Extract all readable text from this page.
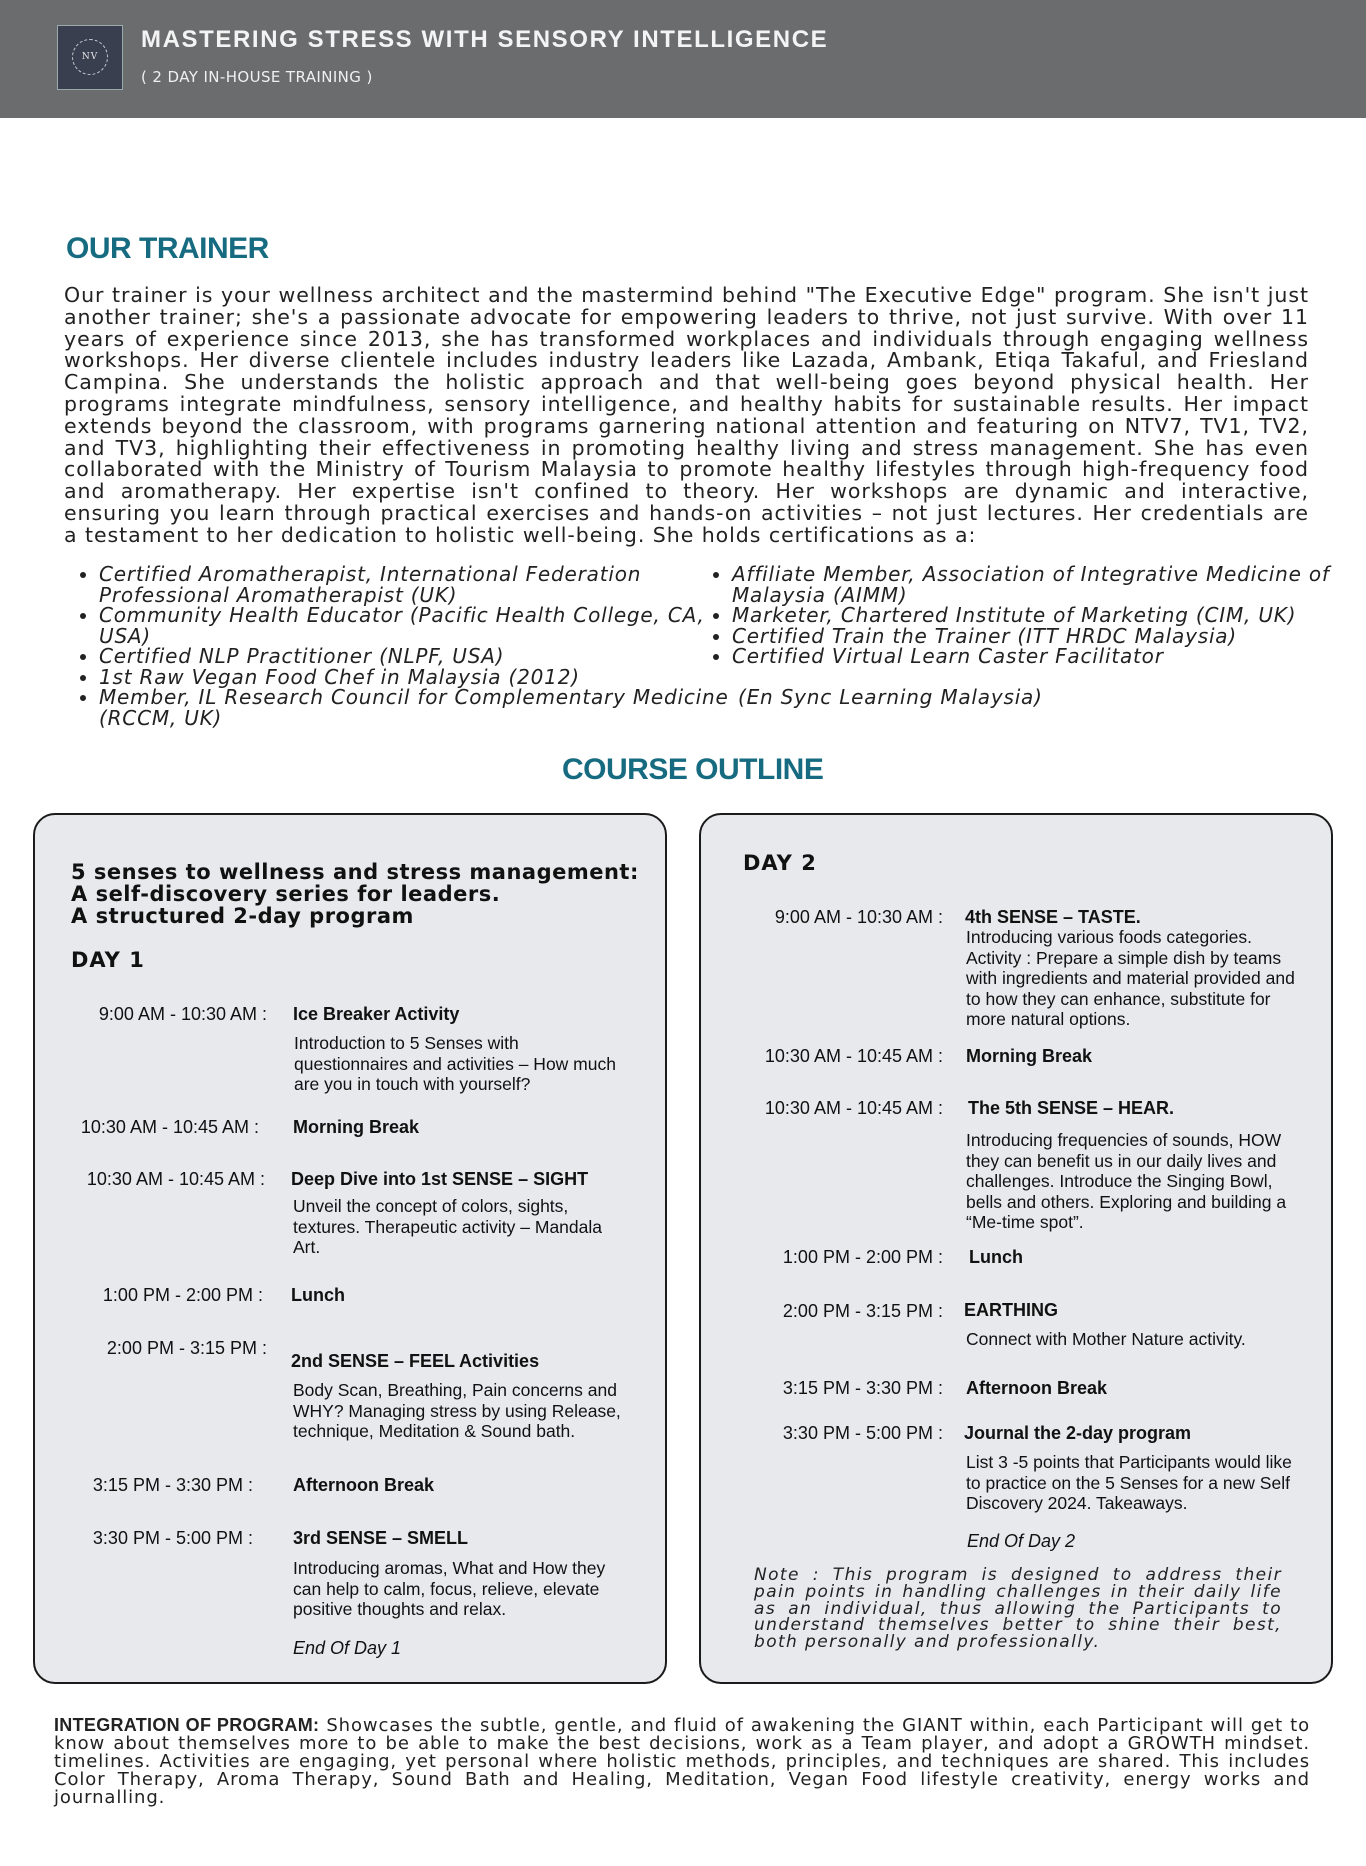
NV
MASTERING STRESS WITH SENSORY INTELLIGENCE
( 2 DAY IN-HOUSE TRAINING )
OUR TRAINER

Our trainer is your wellness architect and the mastermind behind "The Executive Edge" program. She isn't just another trainer; she's a passionate advocate for empowering leaders to thrive, not just survive. With over 11 years of experience since 2013, she has transformed workplaces and individuals through engaging wellness workshops. Her diverse clientele includes industry leaders like Lazada, Ambank, Etiqa Takaful, and Friesland Campina. She understands the holistic approach and that well-being goes beyond physical health. Her programs integrate mindfulness, sensory intelligence, and healthy habits for sustainable results. Her impact extends beyond the classroom, with programs garnering national attention and featuring on NTV7, TV1, TV2, and TV3, highlighting their effectiveness in promoting healthy living and stress management. She has even collaborated with the Ministry of Tourism Malaysia to promote healthy lifestyles through high-frequency food and aromatherapy. Her expertise isn't confined to theory. Her workshops are dynamic and interactive, ensuring you learn through practical exercises and hands-on activities – not just lectures. Her credentials are a testament to her dedication to holistic well-being. She holds certifications as a:

• Certified Aromatherapist, International Federation Professional Aromatherapist (UK)
• Community Health Educator (Pacific Health College, CA, USA)
• Certified NLP Practitioner (NLPF, USA)
• 1st Raw Vegan Food Chef in Malaysia (2012)
• Member, IL Research Council for Complementary Medicine (RCCM, UK)
• Affiliate Member, Association of Integrative Medicine of Malaysia (AIMM)
• Marketer, Chartered Institute of Marketing (CIM, UK)
• Certified Train the Trainer (ITT HRDC Malaysia)
• Certified Virtual Learn Caster Facilitator
(En Sync Learning Malaysia)
COURSE OUTLINE

5 senses to wellness and stress management:

A self-discovery series for leaders.

A structured 2-day program

DAY 1
9:00 AM - 10:30 AM : Ice Breaker Activity

Introduction to 5 Senses with questionnaires and activities – How much are you in touch with yourself?

10:30 AM - 10:45 AM : Morning Break
10:30 AM - 10:45 AM : Deep Dive into 1st SENSE – SIGHT

Unveil the concept of colors, sights, textures. Therapeutic activity – Mandala Art.

1:00 PM - 2:00 PM : Lunch
2:00 PM - 3:15 PM :
2nd SENSE – FEEL Activities

Body Scan, Breathing, Pain concerns and WHY? Managing stress by using Release, technique, Meditation & Sound bath.

3:15 PM - 3:30 PM : Afternoon Break
3:30 PM - 5:00 PM : 3rd SENSE – SMELL

Introducing aromas, What and How they can help to calm, focus, relieve, elevate positive thoughts and relax.

End Of Day 1
DAY 2
9:00 AM - 10:30 AM : 4th SENSE – TASTE.

Introducing various foods categories. Activity : Prepare a simple dish by teams with ingredients and material provided and to how they can enhance, substitute for more natural options.

10:30 AM - 10:45 AM : Morning Break
10:30 AM - 10:45 AM : The 5th SENSE – HEAR.

Introducing frequencies of sounds, HOW they can benefit us in our daily lives and challenges. Introduce the Singing Bowl, bells and others. Exploring and building a “Me-time spot”.

1:00 PM - 2:00 PM : Lunch
2:00 PM - 3:15 PM : EARTHING

Connect with Mother Nature activity.

3:15 PM - 3:30 PM : Afternoon Break
3:30 PM - 5:00 PM : Journal the 2-day program

List 3 -5 points that Participants would like to practice on the 5 Senses for a new Self Discovery 2024. Takeaways.

End Of Day 2

Note : This program is designed to address their pain points in handling challenges in their daily life as an individual, thus allowing the Participants to understand themselves better to shine their best, both personally and professionally.

INTEGRATION OF PROGRAM: Showcases the subtle, gentle, and fluid of awakening the GIANT within, each Participant will get to know about themselves more to be able to make the best decisions, work as a Team player, and adopt a GROWTH mindset. timelines. Activities are engaging, yet personal where holistic methods, principles, and techniques are shared. This includes Color Therapy, Aroma Therapy, Sound Bath and Healing, Meditation, Vegan Food lifestyle creativity, energy works and journalling.
